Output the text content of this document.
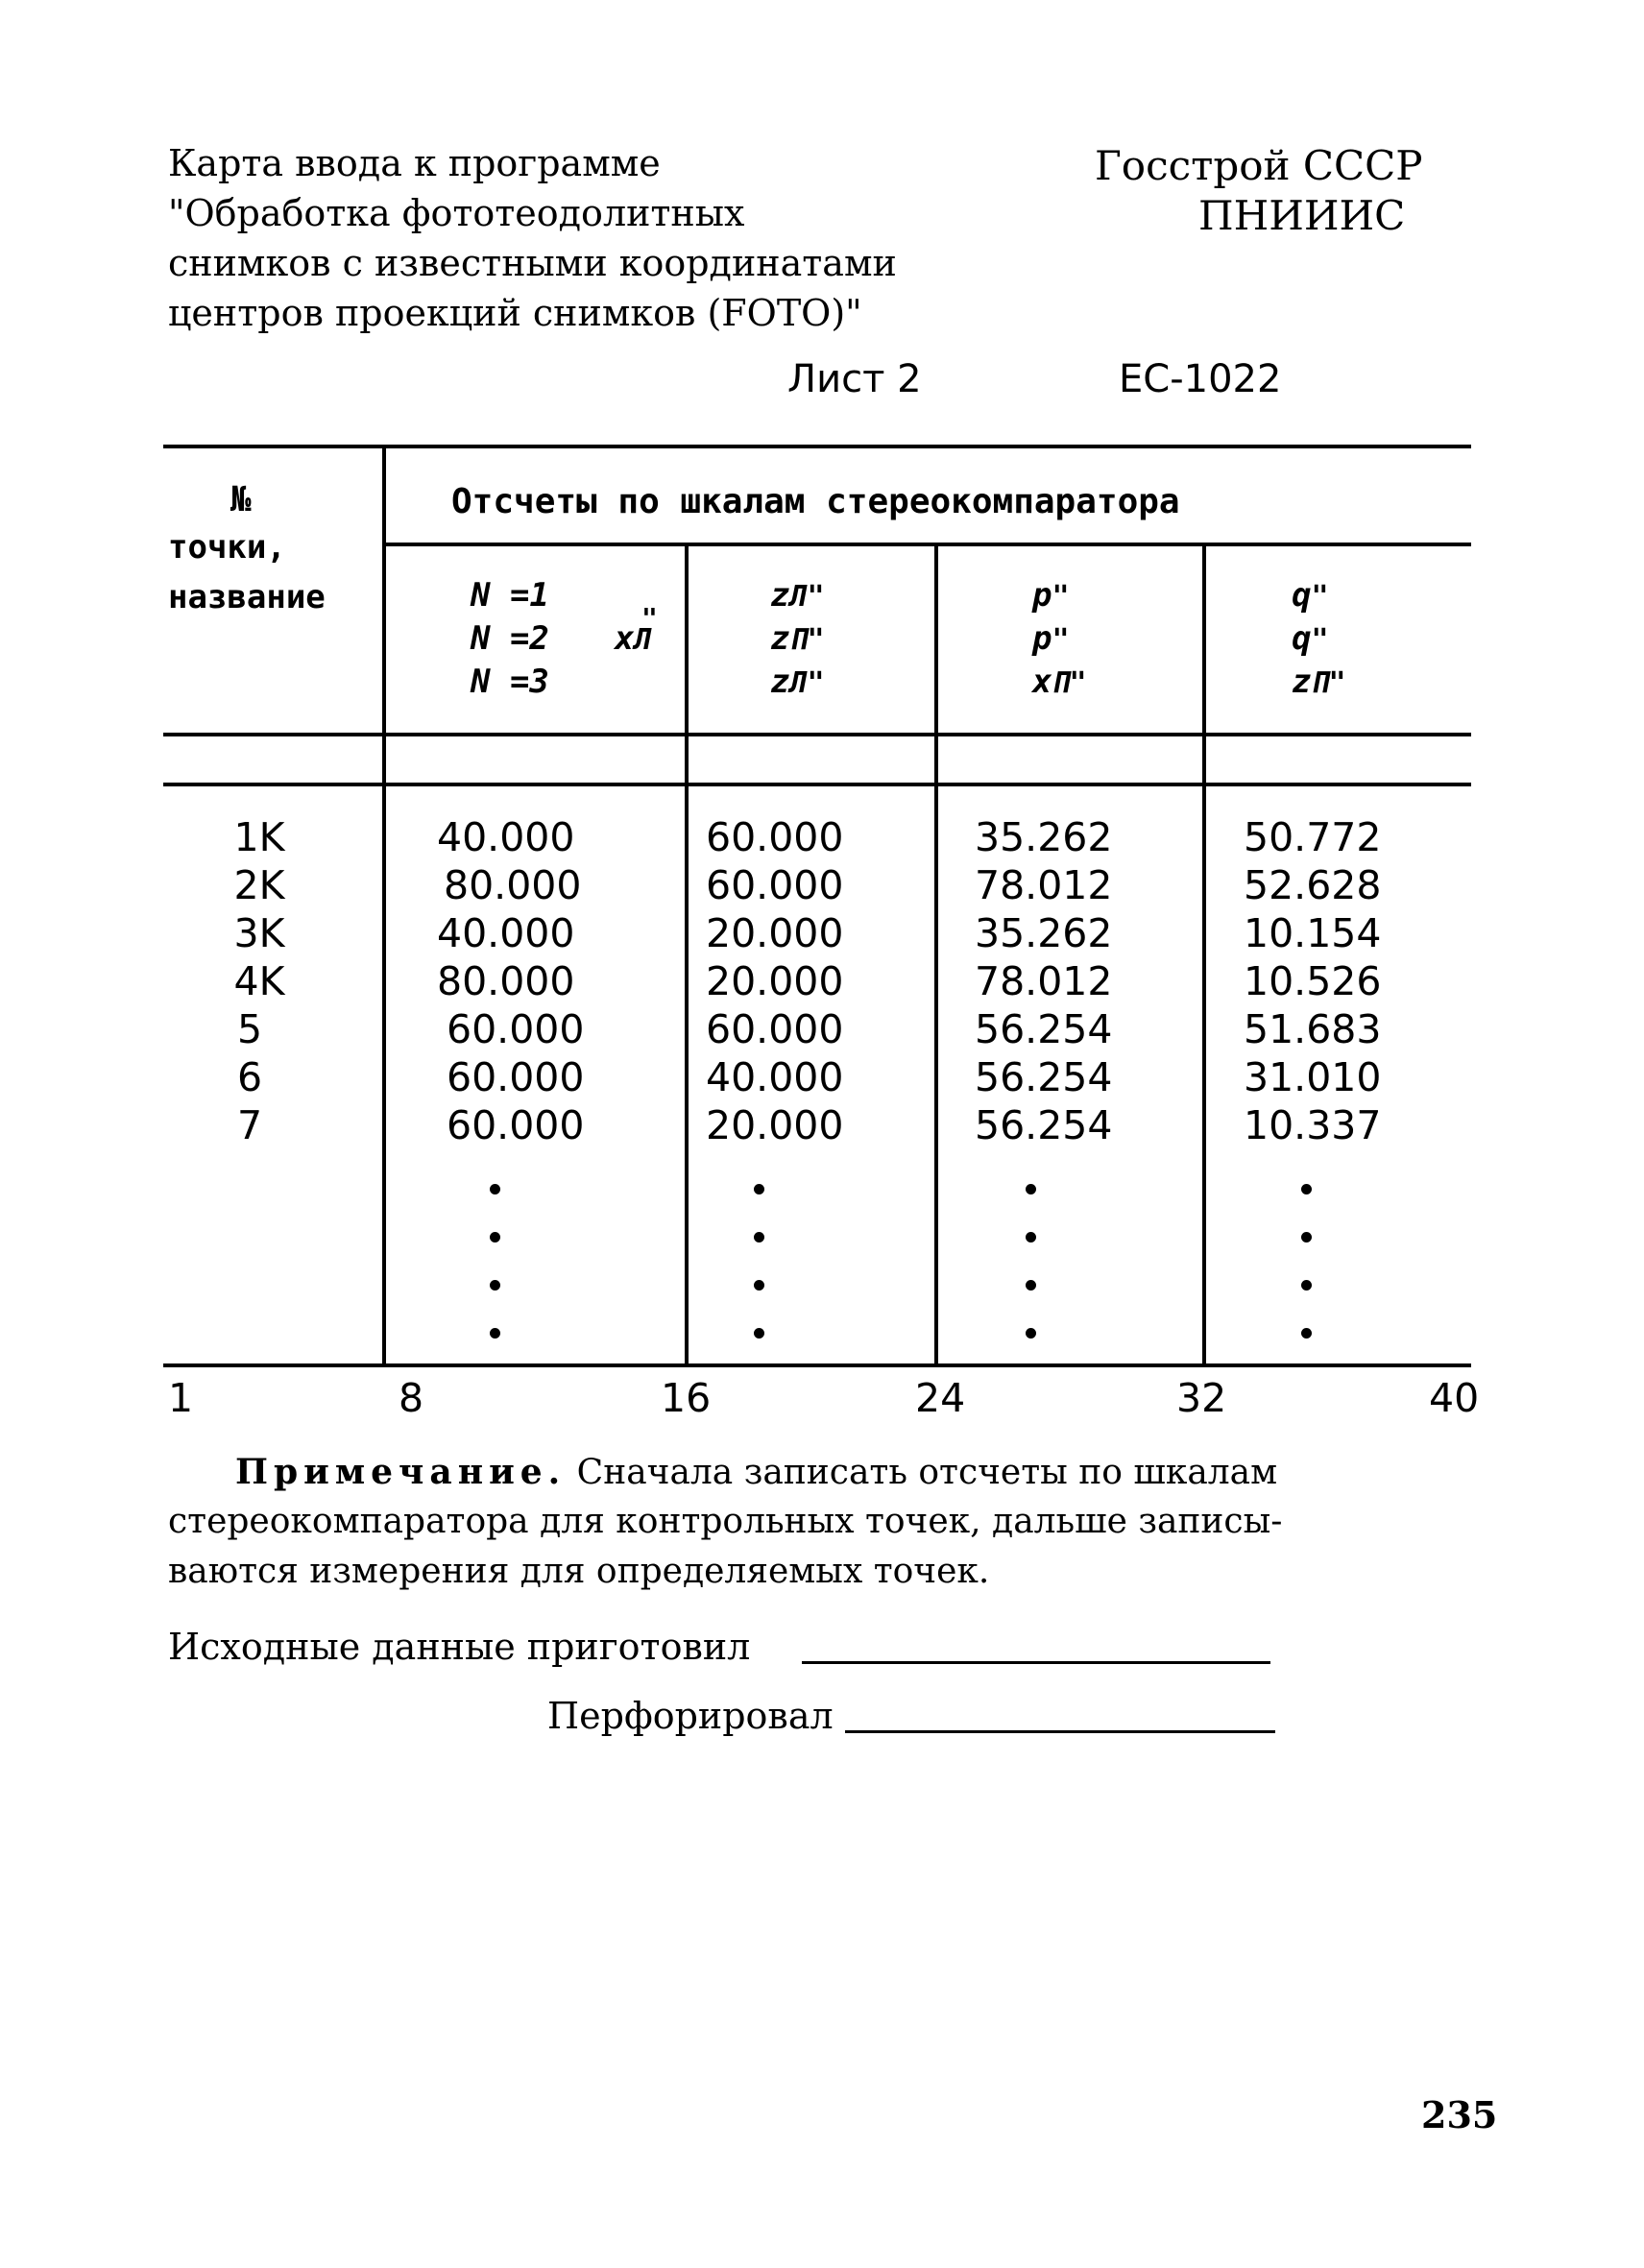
Карта ввода к программе
"Обработка фототеодолитных
снимков с известными координатами
центров проекций снимков (FOTO)"
Госстрой СССР
ПНИИИС
Лист 2	ЕС-1022
№
точки,
название
Отсчеты по шкалам стереокомпаратора
N =1
N =2
N =3
xЛ
"
zЛ"
zП"
zЛ"
p"
p"
xП"
q"
q"
zП"
1K	40.000	60.000	35.262	50.772
2K	80.000	60.000	78.012	52.628
3K	40.000	20.000	35.262	10.154
4K	80.000	20.000	78.012	10.526
5	60.000	60.000	56.254	51.683
6	60.000	40.000	56.254	31.010
7	60.000	20.000	56.254	10.337
1	8	16	24	32	40
Примечание. Сначала записать отсчеты по шкалам
стереокомпаратора для контрольных точек, дальше записы-
ваются измерения для определяемых точек.
Исходные данные приготовил
Перфорировал
235
